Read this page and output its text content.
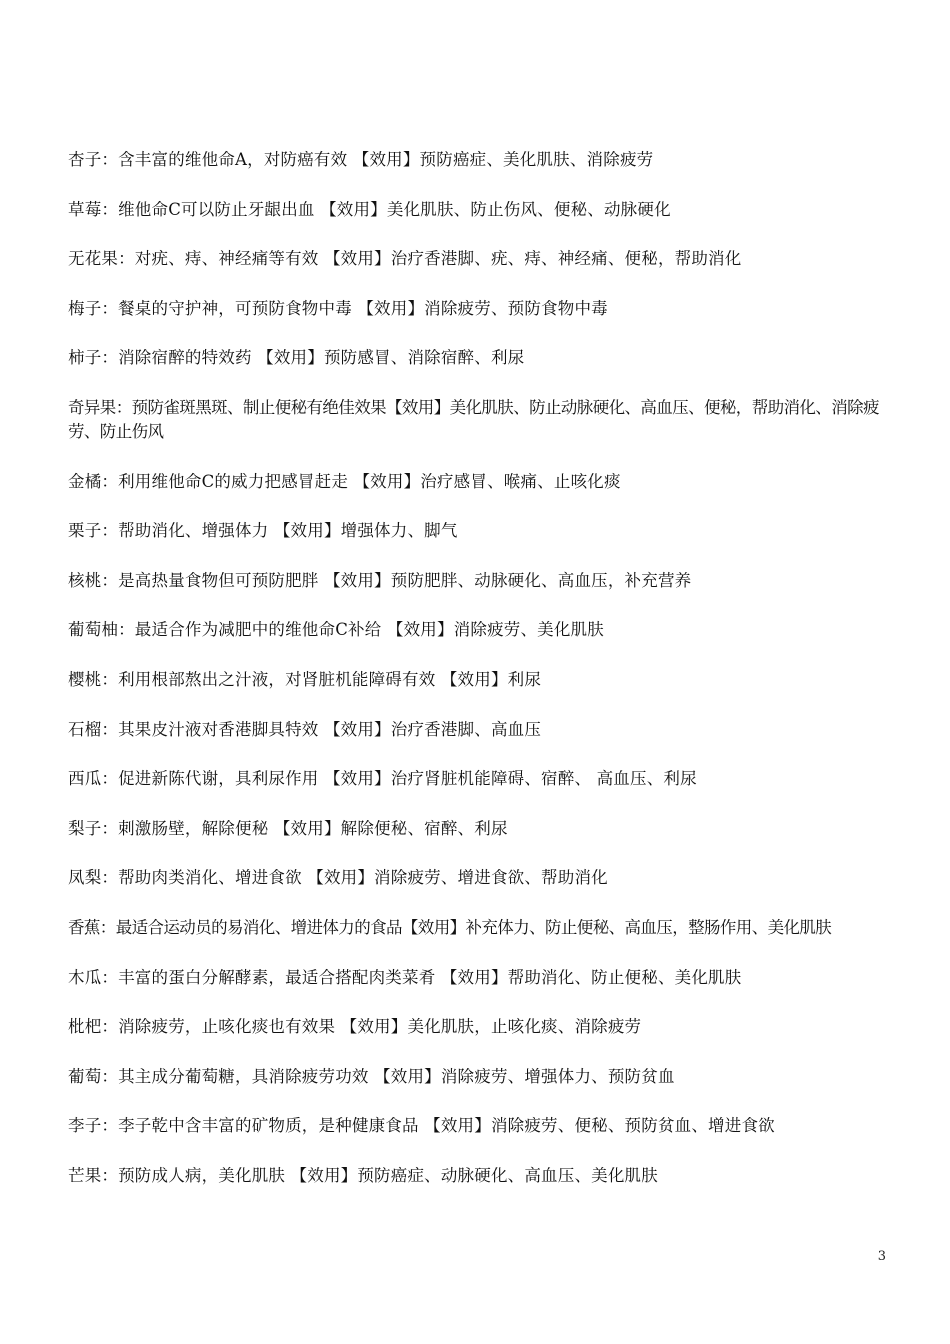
杏子：含丰富的维他命A，对防癌有效 【效用】预防癌症、美化肌肤、消除疲劳
草莓：维他命C可以防止牙龈出血 【效用】美化肌肤、防止伤风、便秘、动脉硬化
无花果：对疣、痔、神经痛等有效 【效用】治疗香港脚、疣、痔、神经痛、便秘，帮助消化
梅子：餐桌的守护神，可预防食物中毒 【效用】消除疲劳、预防食物中毒
柿子：消除宿醉的特效药 【效用】预防感冒、消除宿醉、利尿
奇异果：预防雀斑黑斑、制止便秘有绝佳效果【效用】美化肌肤、防止动脉硬化、高血压、便秘，帮助消化、消除疲劳、防止伤风
金橘：利用维他命C的威力把感冒赶走 【效用】治疗感冒、喉痛、止咳化痰
栗子：帮助消化、增强体力 【效用】增强体力、脚气
核桃：是高热量食物但可预防肥胖 【效用】预防肥胖、动脉硬化、高血压，补充营养
葡萄柚：最适合作为减肥中的维他命C补给 【效用】消除疲劳、美化肌肤
樱桃：利用根部熬出之汁液，对肾脏机能障碍有效 【效用】利尿
石榴：其果皮汁液对香港脚具特效 【效用】治疗香港脚、高血压
西瓜：促进新陈代谢，具利尿作用 【效用】治疗肾脏机能障碍、宿醉、 高血压、利尿
梨子：刺激肠壁，解除便秘 【效用】解除便秘、宿醉、利尿
凤梨：帮助肉类消化、增进食欲 【效用】消除疲劳、增进食欲、帮助消化
香蕉：最适合运动员的易消化、增进体力的食品【效用】补充体力、防止便秘、高血压，整肠作用、美化肌肤
木瓜：丰富的蛋白分解酵素，最适合搭配肉类菜肴 【效用】帮助消化、防止便秘、美化肌肤
枇杷：消除疲劳，止咳化痰也有效果 【效用】美化肌肤，止咳化痰、消除疲劳
葡萄：其主成分葡萄糖，具消除疲劳功效 【效用】消除疲劳、增强体力、预防贫血
李子：李子乾中含丰富的矿物质，是种健康食品 【效用】消除疲劳、便秘、预防贫血、增进食欲
芒果：预防成人病，美化肌肤 【效用】预防癌症、动脉硬化、高血压、美化肌肤
3
